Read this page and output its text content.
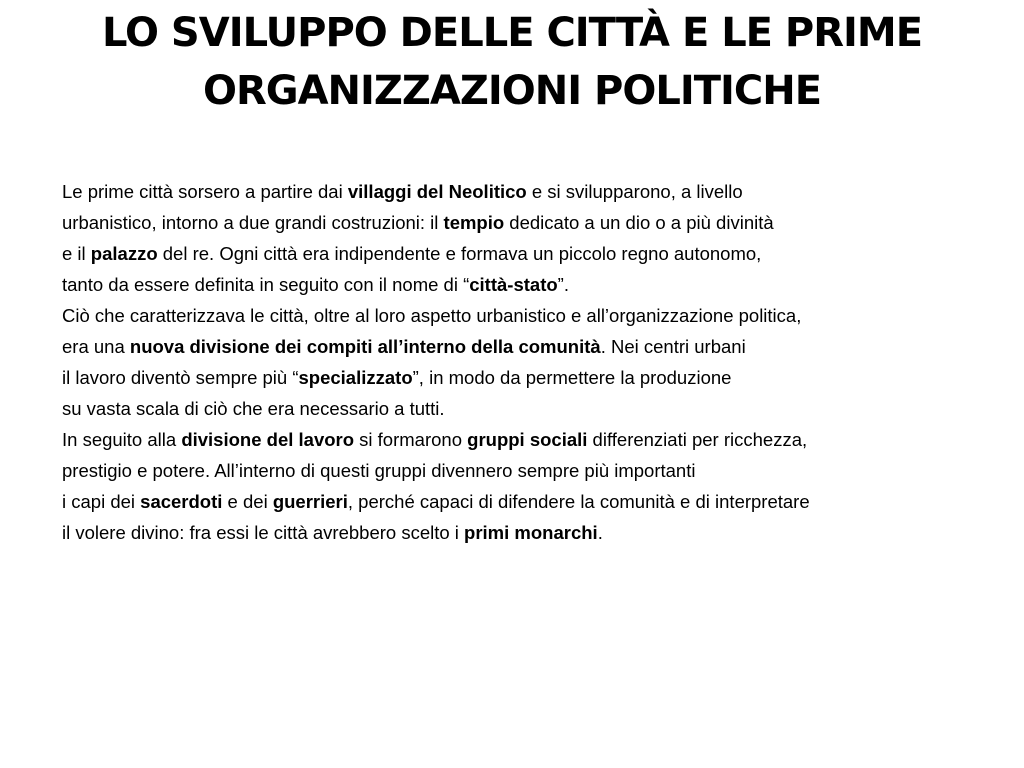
LO SVILUPPO DELLE CITTÀ E LE PRIME
ORGANIZZAZIONI POLITICHE

Le prime città sorsero a partire dai villaggi del Neolitico e si svilupparono, a livello

urbanistico, intorno a due grandi costruzioni: il tempio dedicato a un dio o a più divinità

e il palazzo del re. Ogni città era indipendente e formava un piccolo regno autonomo,

tanto da essere definita in seguito con il nome di “città-stato”.

Ciò che caratterizzava le città, oltre al loro aspetto urbanistico e all’organizzazione politica,

era una nuova divisione dei compiti all’interno della comunità. Nei centri urbani

il lavoro diventò sempre più “specializzato”, in modo da permettere la produzione

su vasta scala di ciò che era necessario a tutti.

In seguito alla divisione del lavoro si formarono gruppi sociali differenziati per ricchezza,

prestigio e potere. All’interno di questi gruppi divennero sempre più importanti

i capi dei sacerdoti e dei guerrieri, perché capaci di difendere la comunità e di interpretare

il volere divino: fra essi le città avrebbero scelto i primi monarchi.
